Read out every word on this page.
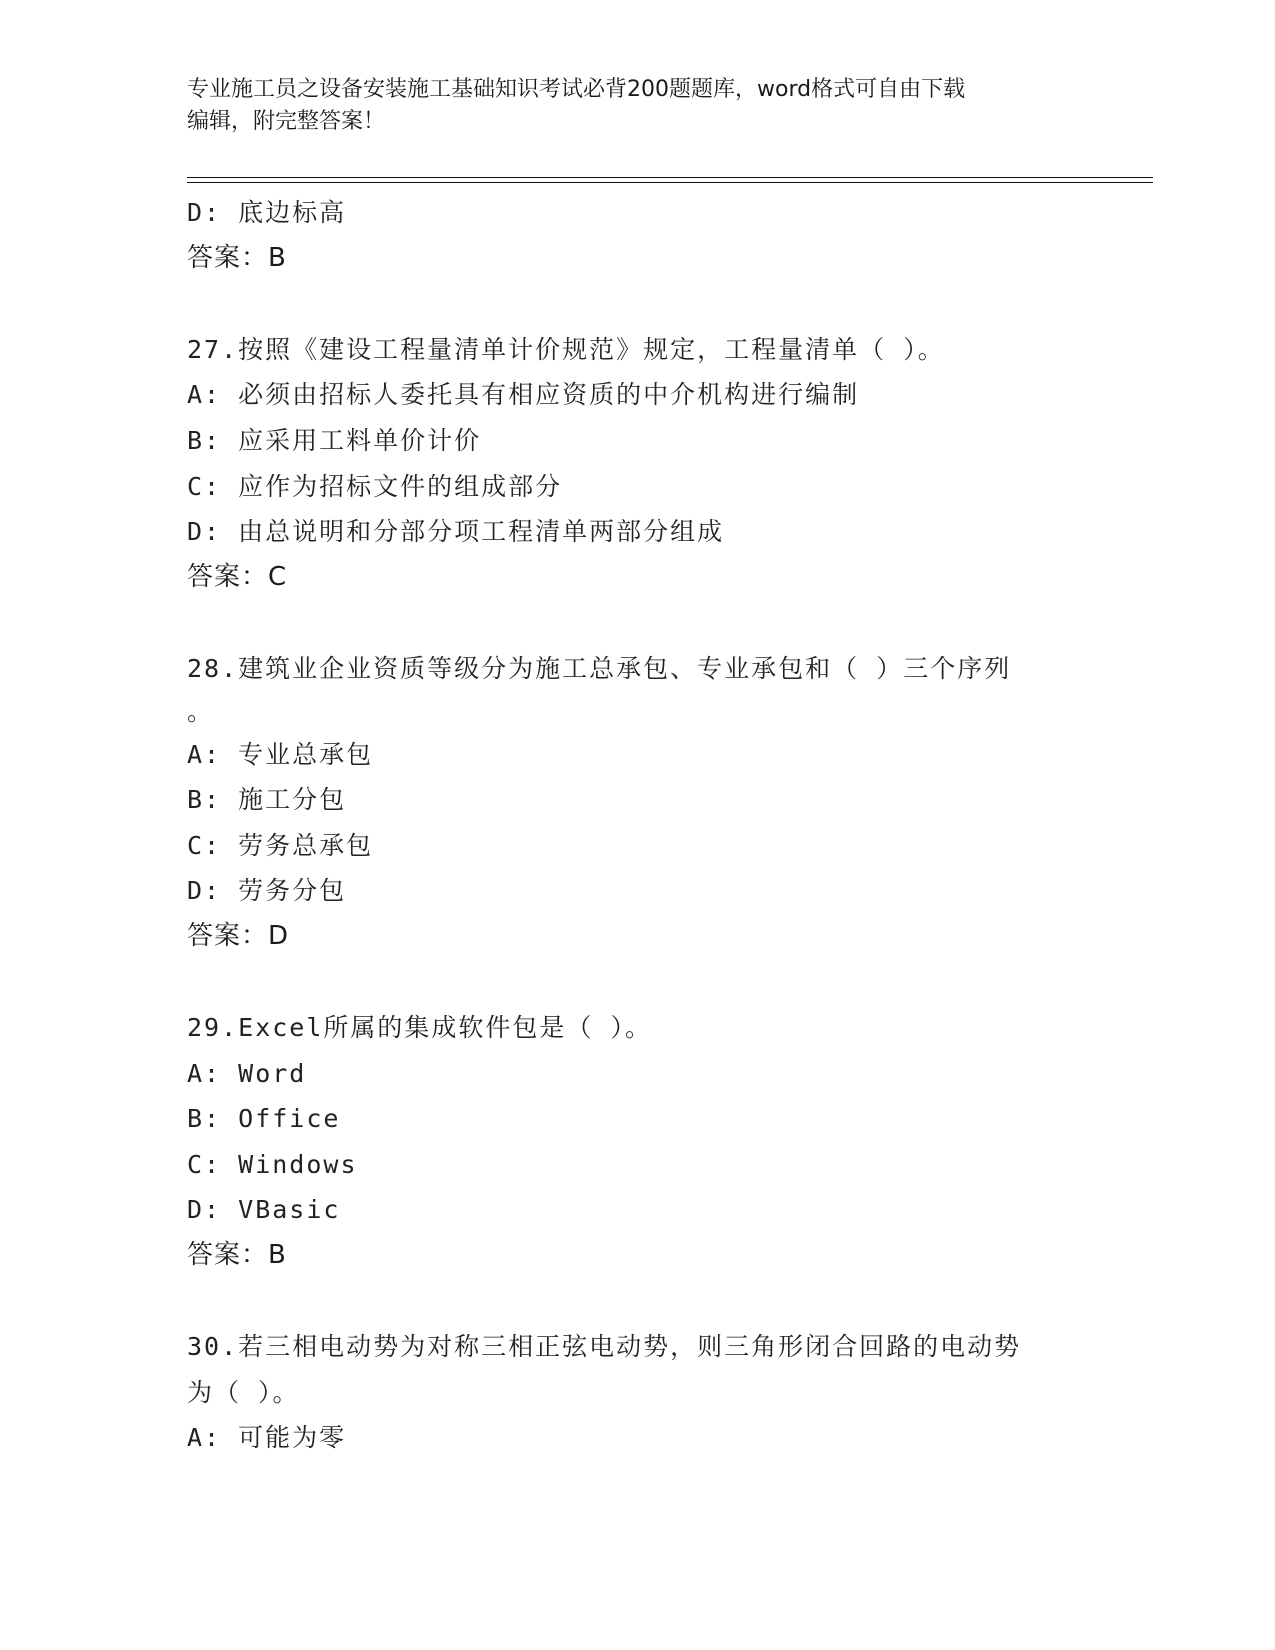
专业施工员之设备安装施工基础知识考试必背200题题库，word格式可自由下载
编辑，附完整答案！
D: 底边标高
答案：B
27.按照《建设工程量清单计价规范》规定，工程量清单（ ）。
A: 必须由招标人委托具有相应资质的中介机构进行编制
B: 应采用工料单价计价
C: 应作为招标文件的组成部分
D: 由总说明和分部分项工程清单两部分组成
答案：C
28.建筑业企业资质等级分为施工总承包、专业承包和（ ）三个序列
。
A: 专业总承包
B: 施工分包
C: 劳务总承包
D: 劳务分包
答案：D
29.Excel所属的集成软件包是（ ）。
A: Word
B: Office
C: Windows
D: VBasic
答案：B
30.若三相电动势为对称三相正弦电动势，则三角形闭合回路的电动势
为（ ）。
A: 可能为零
